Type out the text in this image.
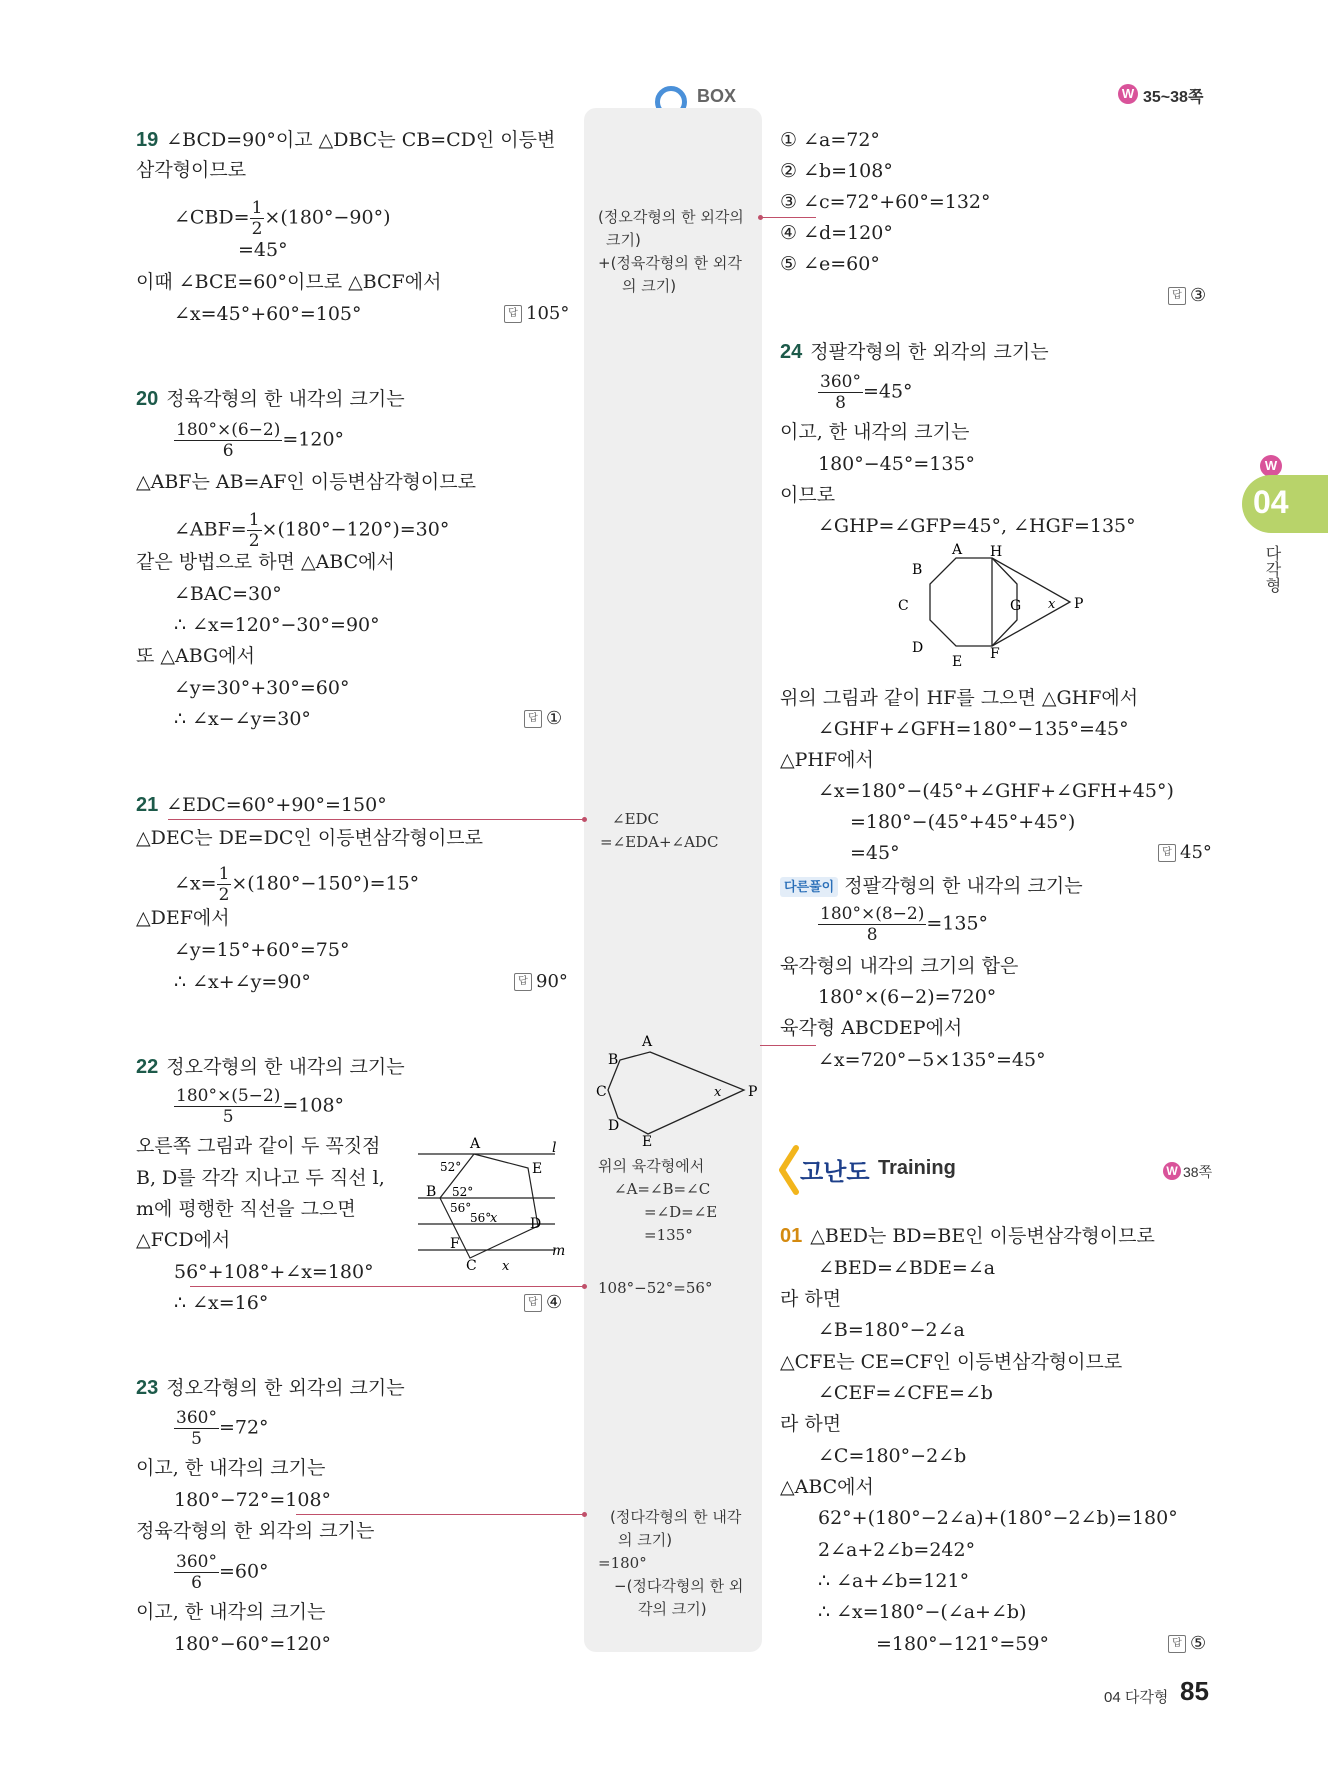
BOX	W 35~38쪽
W
04
다각형
19 ∠BCD=90°이고 △DBC는 CB=CD인 이등변
삼각형이므로
∠CBD= $\frac{1}{2} \times(180^\circ-90^\circ)$
=45°
이때 ∠BCE=60°이므로 △BCF에서
∠x=45°+60°=105°	답 105°
20 정육각형의 한 내각의 크기는
$\frac{180^\circ\times(6-2)}{6} =120^\circ$
△ABF는 AB=AF인 이등변삼각형이므로
∠ABF= $\frac{1}{2} \times(180^\circ-120^\circ)=30^\circ$
같은 방법으로 하면 △ABC에서
∠BAC=30°
∴ ∠x=120°−30°=90°
또 △ABG에서
∠y=30°+30°=60°
∴ ∠x−∠y=30°	답 ①
21 ∠EDC=60°+90°=150°
△DEC는 DE=DC인 이등변삼각형이므로
∠x= $\frac{1}{2} \times(180^\circ-150^\circ)=15^\circ$
△DEF에서
∠y=15°+60°=75°
∴ ∠x+∠y=90°	답 90°
22 정오각형의 한 내각의 크기는
$\frac{180^\circ\times(5-2)}{5} =108^\circ$
오른쪽 그림과 같이 두 꼭짓점
B, D를 각각 지나고 두 직선 l,
m에 평행한 직선을 그으면
△FCD에서
56°+108°+∠x=180°
∴ ∠x=16°	답 ④
A
E
B
D
F
C
l
m
52°
52°
56°
56°
x
x
23 정오각형의 한 외각의 크기는
$\frac{360^\circ}{5} =72^\circ$
이고, 한 내각의 크기는
180°−72°=108°
정육각형의 한 외각의 크기는
$\frac{360^\circ}{6} =60^\circ$
이고, 한 내각의 크기는
180°−60°=120°
(정오각형의 한 외각의
크기)
+(정육각형의 한 외각
의 크기)
∠EDC
=∠EDA+∠ADC
A
B
C
D
E
P
x
위의 육각형에서
∠A=∠B=∠C
=∠D=∠E
=135°
108°−52°=56°
(정다각형의 한 내각
의 크기)
=180°
−(정다각형의 한 외
각의 크기)
① ∠a=72°
② ∠b=108°
③ ∠c=72°+60°=132°
④ ∠d=120°
⑤ ∠e=60°
답 ③
24 정팔각형의 한 외각의 크기는
$\frac{360^\circ}{8} =45^\circ$
이고, 한 내각의 크기는
180°−45°=135°
이므로
∠GHP=∠GFP=45°, ∠HGF=135°
A
B
C
D
E F
H
G	P
x
위의 그림과 같이 HF를 그으면 △GHF에서
∠GHF+∠GFH=180°−135°=45°
△PHF에서
∠x=180°−(45°+∠GHF+∠GFH+45°)
=180°−(45°+45°+45°)
=45°	답 45°
다른풀이 정팔각형의 한 내각의 크기는
$\frac{180^\circ\times(8-2)}{8} =135^\circ$
육각형의 내각의 크기의 합은
180°×(6−2)=720°
육각형 ABCDEP에서
∠x=720°−5×135°=45°
고난도 Training	W 38쪽
01 △BED는 BD=BE인 이등변삼각형이므로
∠BED=∠BDE=∠a
라 하면
∠B=180°−2∠a
△CFE는 CE=CF인 이등변삼각형이므로
∠CEF=∠CFE=∠b
라 하면
∠C=180°−2∠b
△ABC에서
62°+(180°−2∠a)+(180°−2∠b)=180°
2∠a+2∠b=242°
∴ ∠a+∠b=121°
∴ ∠x=180°−(∠a+∠b)
=180°−121°=59°	답 ⑤
04 다각형 85
